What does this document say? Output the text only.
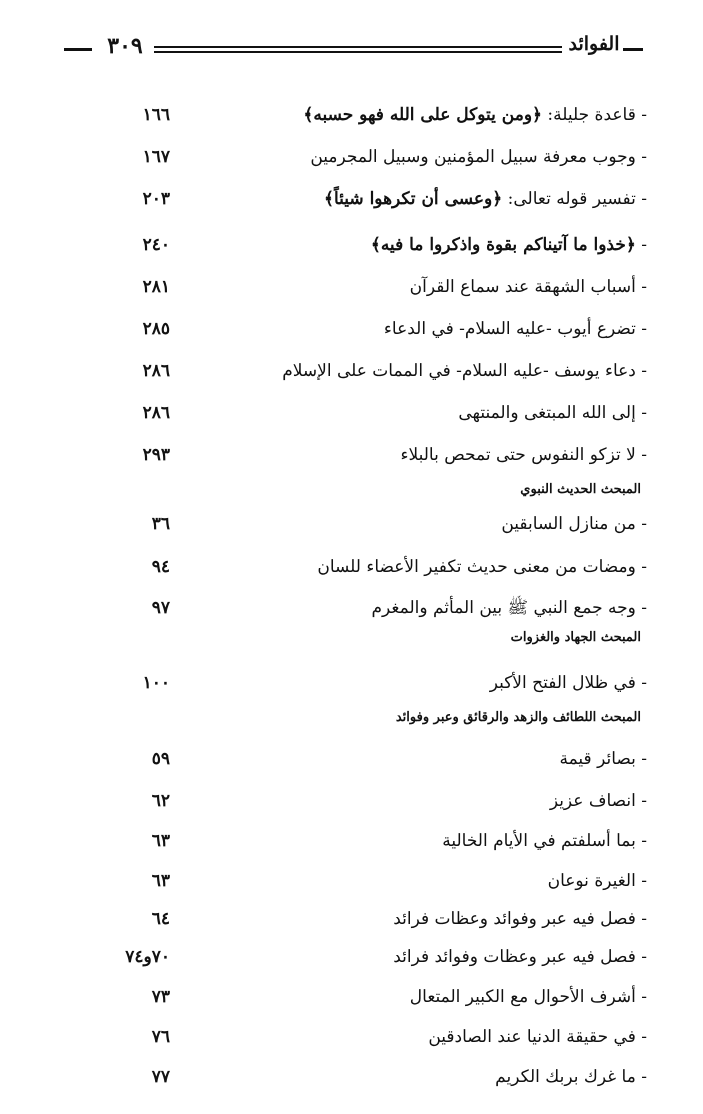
٣٠٩	الفوائد
- قاعدة جليلة: ﴿ومن يتوكل على الله فهو حسبه﴾
١٦٦
- وجوب معرفة سبيل المؤمنين وسبيل المجرمين
١٦٧
- تفسير قوله تعالى: ﴿وعسى أن تكرهوا شيئاً﴾
٢٠٣
- ﴿خذوا ما آتيناكم بقوة واذكروا ما فيه﴾
٢٤٠
- أسباب الشهقة عند سماع القرآن
٢٨١
- تضرع أيوب -عليه السلام- في الدعاء
٢٨٥
- دعاء يوسف -عليه السلام- في الممات على الإسلام
٢٨٦
- إلى الله المبتغى والمنتهى
٢٨٦
- لا تزكو النفوس حتى تمحص بالبلاء
٢٩٣
المبحث الحديث النبوي
- من منازل السابقين
٣٦
- ومضات من معنى حديث تكفير الأعضاء للسان
٩٤
- وجه جمع النبي ﷺ بين المأثم والمغرم
٩٧
المبحث الجهاد والغزوات
- في ظلال الفتح الأكبر
١٠٠
المبحث اللطائف والزهد والرقائق وعبر وفوائد
- بصائر قيمة
٥٩
- انصاف عزيز
٦٢
- بما أسلفتم في الأيام الخالية
٦٣
- الغيرة نوعان
٦٣
- فصل فيه عبر وفوائد وعظات فرائد
٦٤
- فصل فيه عبر وعظات وفوائد فرائد
٧٠و٧٤
- أشرف الأحوال مع الكبير المتعال
٧٣
- في حقيقة الدنيا عند الصادقين
٧٦
- ما غرك بربك الكريم
٧٧
